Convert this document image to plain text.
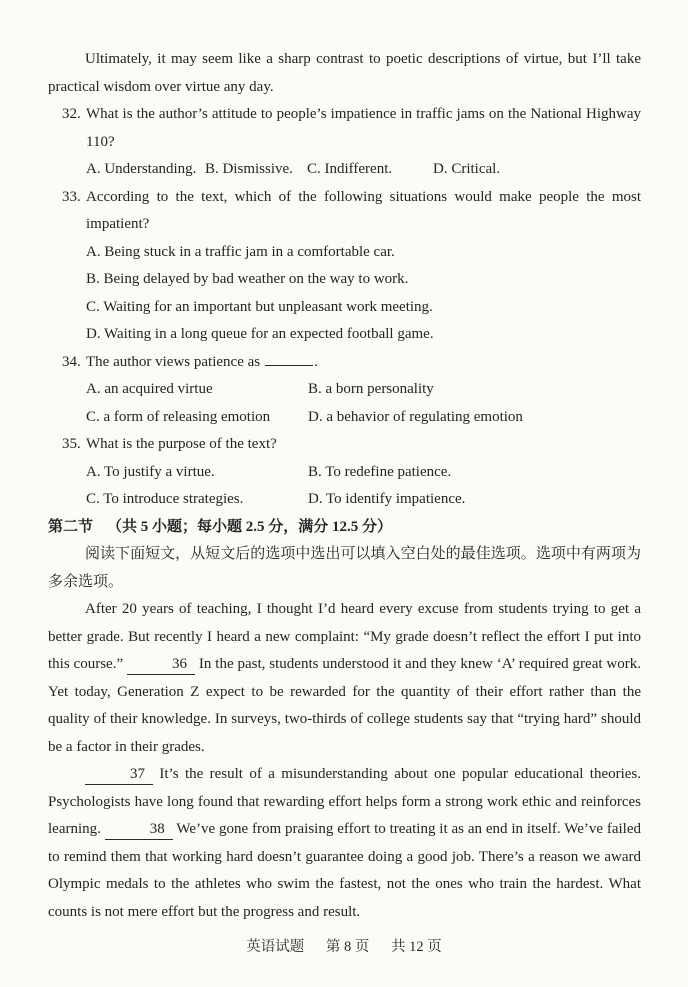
Ultimately, it may seem like a sharp contrast to poetic descriptions of virtue, but I’ll take practical wisdom over virtue any day.

32. What is the author’s attitude to people’s impatience in traffic jams on the National Highway 110?
A. Understanding. B. Dismissive. C. Indifferent.	D. Critical.
33. According to the text, which of the following situations would make people the most impatient?
A. Being stuck in a traffic jam in a comfortable car.
B. Being delayed by bad weather on the way to work.
C. Waiting for an important but unpleasant work meeting.
D. Waiting in a long queue for an expected football game.
34. The author views patience as	.
A. an acquired virtue	B. a born personality
C. a form of releasing emotion	D. a behavior of regulating emotion
35. What is the purpose of the text?
A. To justify a virtue.	B. To redefine patience.
C. To introduce strategies.	D. To identify impatience.
第二节 （共 5 小题；每小题 2.5 分，满分 12.5 分）

阅读下面短文，从短文后的选项中选出可以填入空白处的最佳选项。选项中有两项为多余选项。

After 20 years of teaching, I thought I’d heard every excuse from students trying to get a better grade. But recently I heard a new complaint: “My grade doesn’t reflect the effort I put into this course.”	36 In the past, students understood it and they knew ‘A’ required great work. Yet today, Generation Z expect to be rewarded for the quantity of their effort rather than the quality of their knowledge. In surveys, two-thirds of college students say that “trying hard” should be a factor in their grades.

37 It’s the result of a misunderstanding about one popular educational theories. Psychologists have long found that rewarding effort helps form a strong work ethic and reinforces learning.	38 We’ve gone from praising effort to treating it as an end in itself. We’ve failed to remind them that working hard doesn’t guarantee doing a good job. There’s a reason we award Olympic medals to the athletes who swim the fastest, not the ones who train the hardest. What counts is not mere effort but the progress and result.

英语试题 第 8 页 共 12 页
